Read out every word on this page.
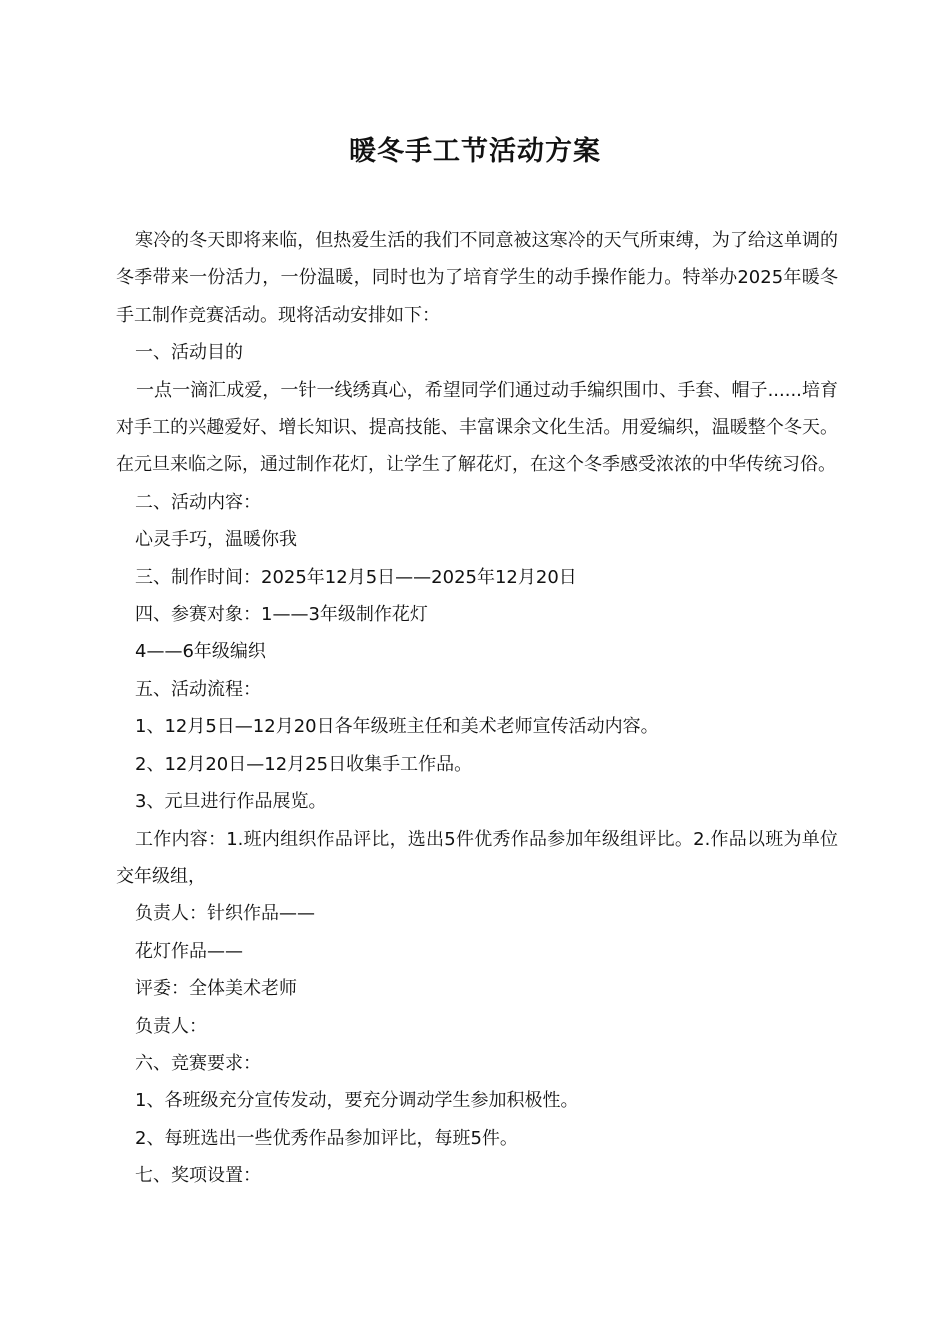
暖冬手工节活动方案

寒冷的冬天即将来临，但热爱生活的我们不同意被这寒冷的天气所束缚，为了给这单调的冬季带来一份活力，一份温暖，同时也为了培育学生的动手操作能力。特举办2025年暖冬手工制作竞赛活动。现将活动安排如下：

一、活动目的

一点一滴汇成爱，一针一线绣真心，希望同学们通过动手编织围巾、手套、帽子......培育对手工的兴趣爱好、增长知识、提高技能、丰富课余文化生活。用爱编织，温暖整个冬天。在元旦来临之际，通过制作花灯，让学生了解花灯，在这个冬季感受浓浓的中华传统习俗。

二、活动内容：

心灵手巧，温暖你我

三、制作时间：2025年12月5日——2025年12月20日

四、参赛对象：1——3年级制作花灯

4——6年级编织

五、活动流程：

1、12月5日—12月20日各年级班主任和美术老师宣传活动内容。

2、12月20日—12月25日收集手工作品。

3、元旦进行作品展览。

工作内容：1.班内组织作品评比，选出5件优秀作品参加年级组评比。2.作品以班为单位交年级组，

负责人：针织作品——

花灯作品——

评委：全体美术老师

负责人：

六、竞赛要求：

1、各班级充分宣传发动，要充分调动学生参加积极性。

2、每班选出一些优秀作品参加评比，每班5件。

七、奖项设置：
